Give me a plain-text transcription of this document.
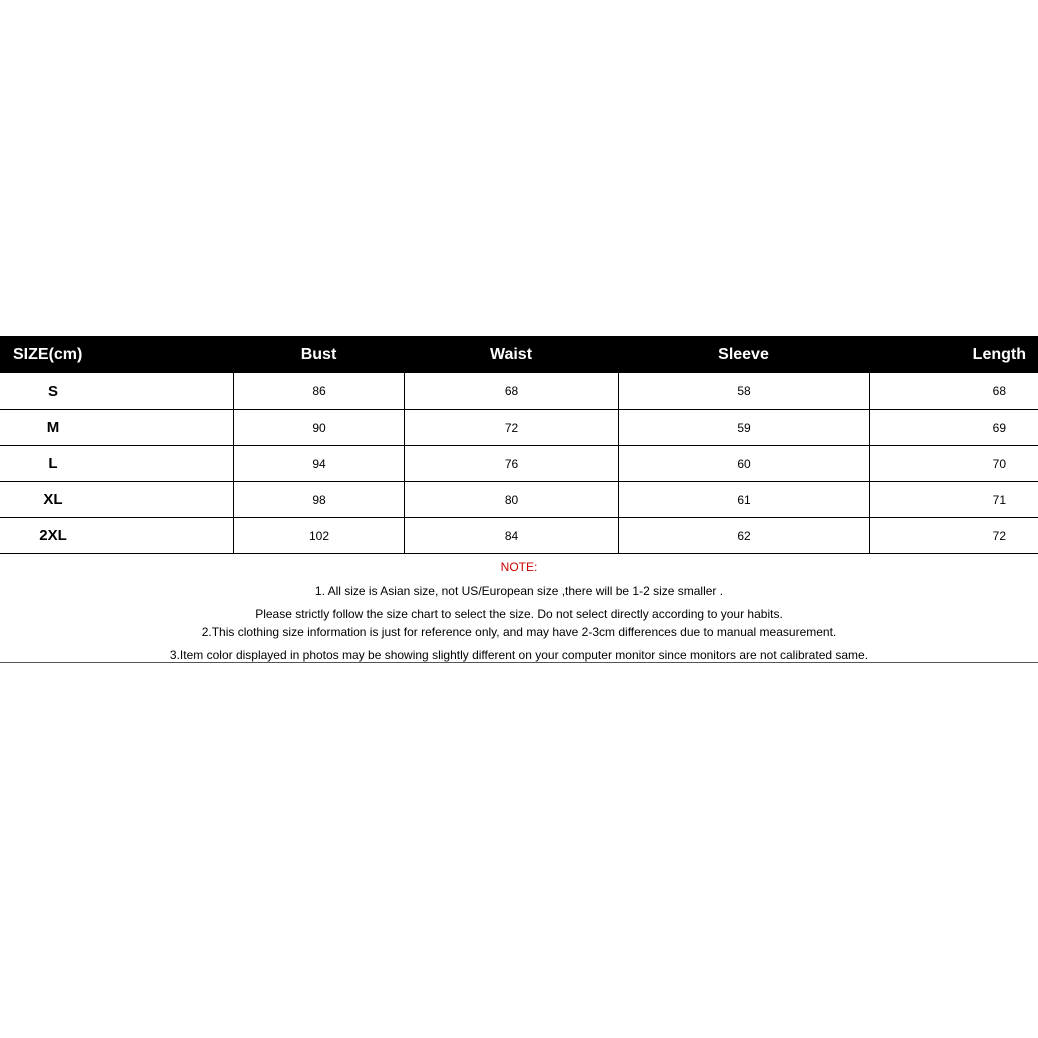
SIZE(cm)	Bust	Waist	Sleeve	Length
S	86	68	58	68
M	90	72	59	69
L	94	76	60	70
XL	98	80	61	71
2XL	102	84	62	72
NOTE:
1. All size is Asian size, not US/European size ,there will be 1-2 size smaller .
Please strictly follow the size chart to select the size. Do not select directly according to your habits.
2.This clothing size information is just for reference only, and may have 2-3cm differences due to manual measurement.
3.Item color displayed in photos may be showing slightly different on your computer monitor since monitors are not calibrated same.
